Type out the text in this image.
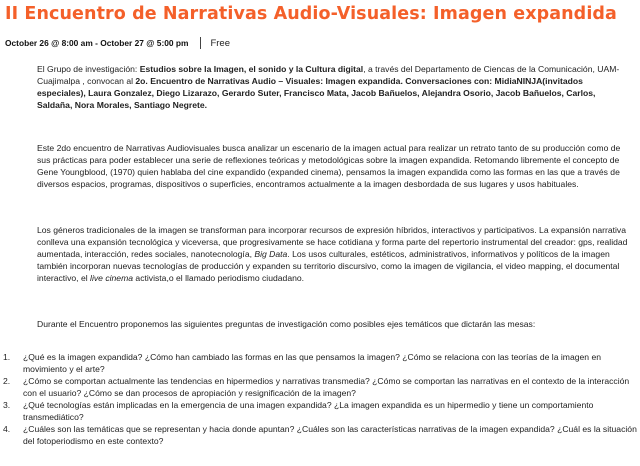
II Encuentro de Narrativas Audio-Visuales: Imagen expandida
October 26 @ 8:00 am - October 27 @ 5:00 pm Free

El Grupo de investigación: Estudios sobre la Imagen, el sonido y la Cultura digital, a través del Departamento de Ciencas de la Comunicación, UAM-Cuajimalpa , convocan al 2o. Encuentro de Narrativas Audio – Visuales: Imagen expandida. Conversaciones con: MidiaNINJA(invitados especiales), Laura Gonzalez, Diego Lizarazo, Gerardo Suter, Francisco Mata, Jacob Bañuelos, Alejandra Osorio, Jacob Bañuelos, Carlos, Saldaña, Nora Morales, Santiago Negrete.

Este 2do encuentro de Narrativas Audiovisuales busca analizar un escenario de la imagen actual para realizar un retrato tanto de su producción como de sus prácticas para poder establecer una serie de reflexiones teóricas y metodológicas sobre la imagen expandida. Retomando libremente el concepto de Gene Youngblood, (1970) quien hablaba del cine expandido (expanded cinema), pensamos la imagen expandida como las formas en las que a través de diversos espacios, programas, dispositivos o superficies, encontramos actualmente a la imagen desbordada de sus lugares y usos habituales.

Los géneros tradicionales de la imagen se transforman para incorporar recursos de expresión híbridos, interactivos y participativos. La expansión narrativa conlleva una expansión tecnológica y viceversa, que progresivamente se hace cotidiana y forma parte del repertorio instrumental del creador: gps, realidad aumentada, interacción, redes sociales, nanotecnología, Big Data. Los usos culturales, estéticos, administrativos, informativos y políticos de la imagen también incorporan nuevas tecnologías de producción y expanden su territorio discursivo, como la imagen de vigilancia, el video mapping, el documental interactivo, el live cinema activista,o el llamado periodismo ciudadano.

Durante el Encuentro proponemos las siguientes preguntas de investigación como posibles ejes temáticos que dictarán las mesas:

1. ¿Qué es la imagen expandida? ¿Cómo han cambiado las formas en las que pensamos la imagen? ¿Cómo se relaciona con las teorías de la imagen en movimiento y el arte?
2. ¿Cómo se comportan actualmente las tendencias en hipermedios y narrativas transmedia? ¿Cómo se comportan las narrativas en el contexto de la interacción con el usuario? ¿Cómo se dan procesos de apropiación y resignificación de la imagen?
3. ¿Qué tecnologías están implicadas en la emergencia de una imagen expandida? ¿La imagen expandida es un hipermedio y tiene un comportamiento transmediático?
4. ¿Cuáles son las temáticas que se representan y hacia donde apuntan? ¿Cuáles son las características narrativas de la imagen expandida? ¿Cuál es la situación del fotoperiodismo en este contexto?
